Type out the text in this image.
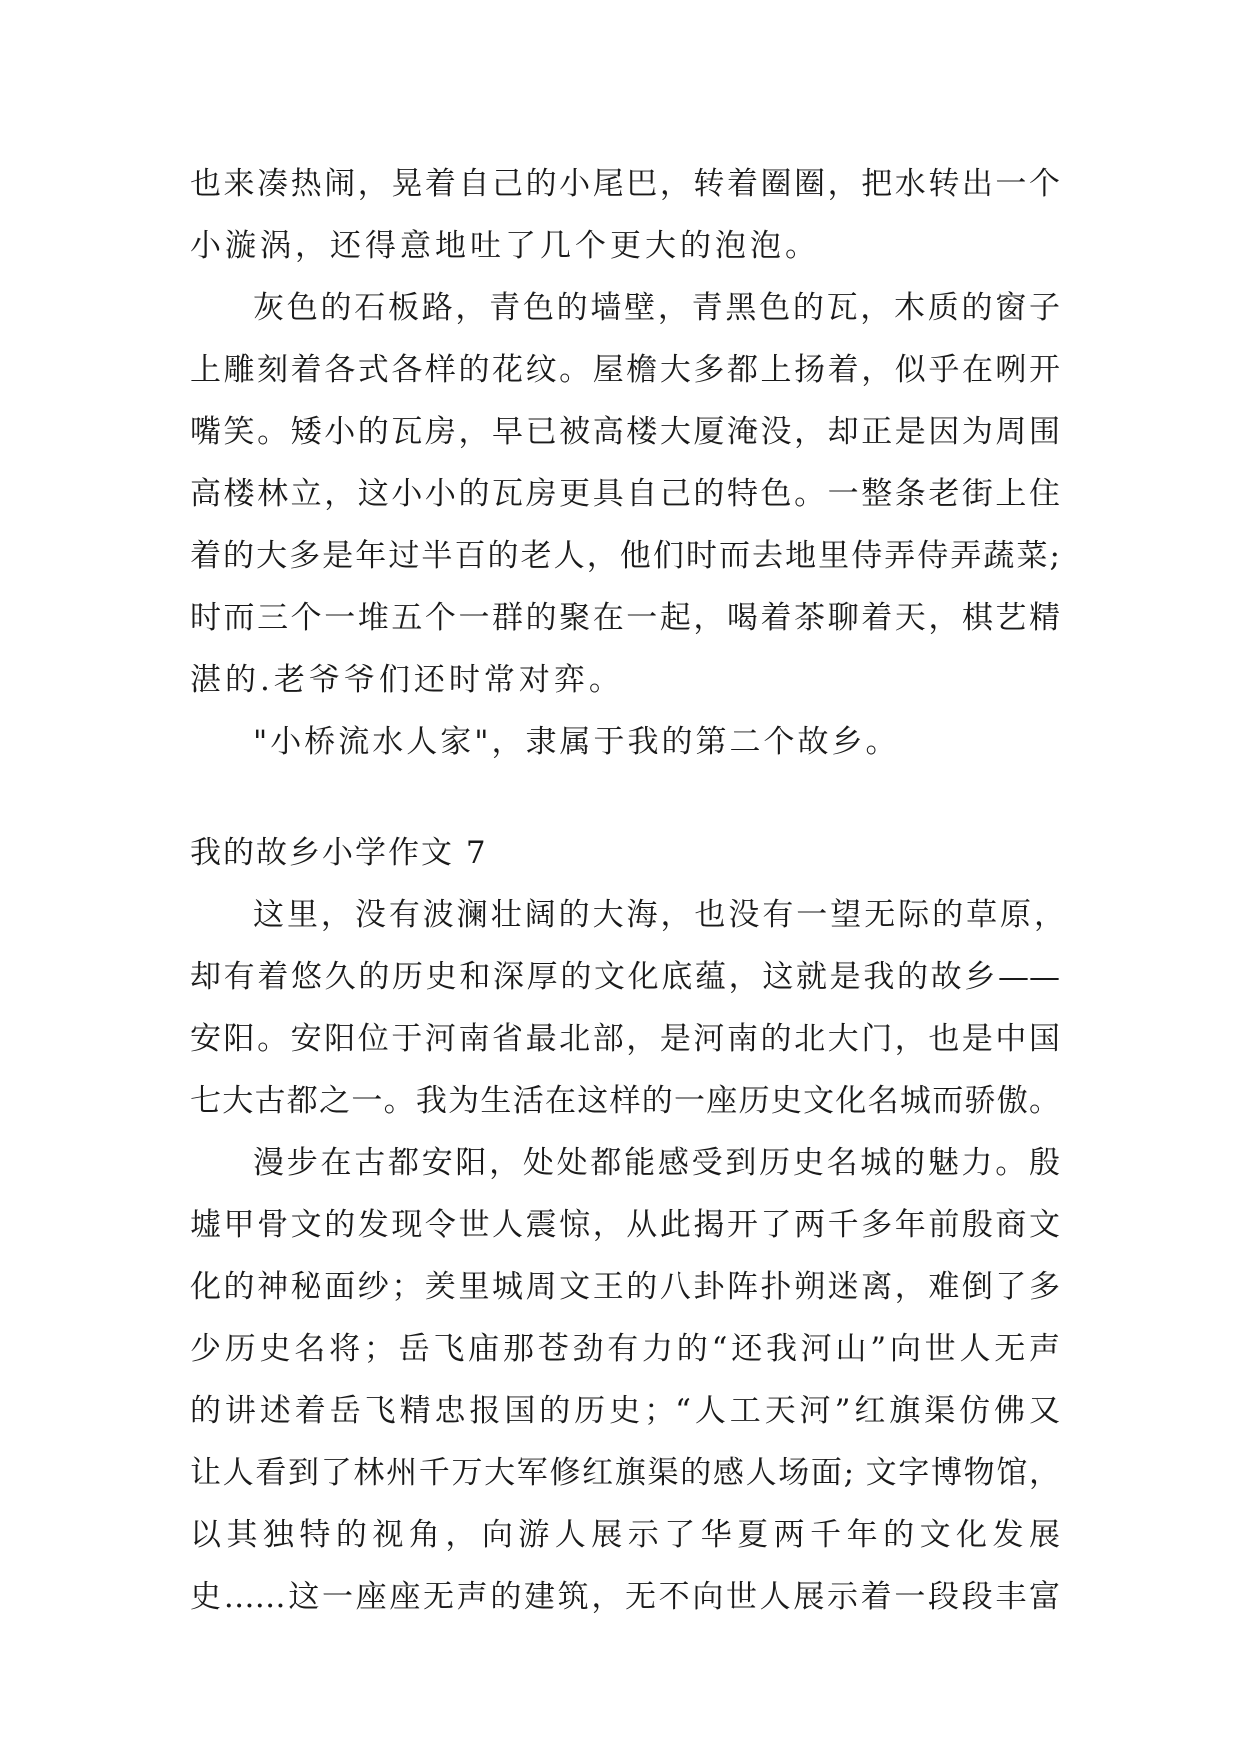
也来凑热闹，晃着自己的小尾巴，转着圈圈，把水转出一个
小漩涡，还得意地吐了几个更大的泡泡。
灰色的石板路，青色的墙壁，青黑色的瓦，木质的窗子
上雕刻着各式各样的花纹。屋檐大多都上扬着，似乎在咧开
嘴笑。矮小的瓦房，早已被高楼大厦淹没，却正是因为周围
高楼林立，这小小的瓦房更具自己的特色。一整条老街上住
着的大多是年过半百的老人，他们时而去地里侍弄侍弄蔬菜;
时而三个一堆五个一群的聚在一起，喝着茶聊着天，棋艺精
湛的.老爷爷们还时常对弈。
"小桥流水人家"，隶属于我的第二个故乡。
我的故乡小学作文 7
这里，没有波澜壮阔的大海，也没有一望无际的草原，
却有着悠久的历史和深厚的文化底蕴，这就是我的故乡——
安阳。安阳位于河南省最北部，是河南的北大门，也是中国
七大古都之一。我为生活在这样的一座历史文化名城而骄傲。
漫步在古都安阳，处处都能感受到历史名城的魅力。殷
墟甲骨文的发现令世人震惊，从此揭开了两千多年前殷商文
化的神秘面纱；羑里城周文王的八卦阵扑朔迷离，难倒了多
少历史名将；岳飞庙那苍劲有力的“还我河山”向世人无声
的讲述着岳飞精忠报国的历史；“人工天河”红旗渠仿佛又
让人看到了林州千万大军修红旗渠的感人场面; 文字博物馆，
以其独特的视角，向游人展示了华夏两千年的文化发展
史……这一座座无声的建筑，无不向世人展示着一段段丰富
